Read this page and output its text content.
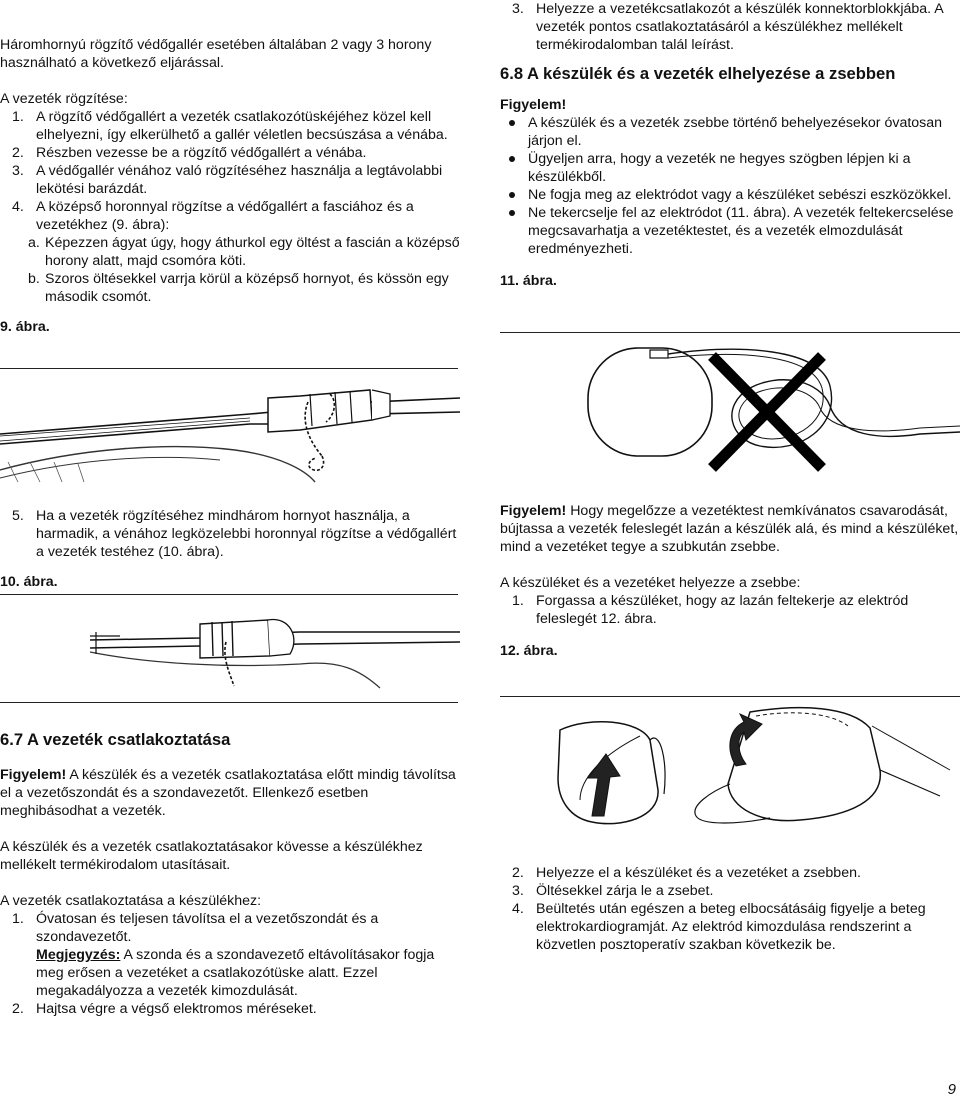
Háromhornyú rögzítő védőgallér esetében általában 2 vagy 3 horony használható a következő eljárással.

A vezeték rögzítése:

1. A rögzítő védőgallért a vezeték csatlakozótüskéjéhez közel kell elhelyezni, így elkerülhető a gallér véletlen becsúszása a vénába.
2. Részben vezesse be a rögzítő védőgallért a vénába.
3. A védőgallér vénához való rögzítéséhez használja a legtávolabbi lekötési barázdát.
4. A középső horonnyal rögzítse a védőgallért a fasciához és a vezetékhez (9. ábra):
a. Képezzen ágyat úgy, hogy áthurkol egy öltést a fascián a középső horony alatt, majd csomóra köti.
b. Szoros öltésekkel varrja körül a középső hornyot, és kössön egy második csomót.

9. ábra.

3. Helyezze a vezetékcsatlakozót a készülék konnektorblokkjába. A vezeték pontos csatlakoztatásáról a készülékhez mellékelt termékirodalomban talál leírást.

6.8 A készülék és a vezeték elhelyezése a zsebben

Figyelem!

A készülék és a vezeték zsebbe történő behelyezésekor óvatosan járjon el.
Ügyeljen arra, hogy a vezeték ne hegyes szögben lépjen ki a készülékből.
Ne fogja meg az elektródot vagy a készüléket sebészi eszközökkel.
Ne tekercselje fel az elektródot (11. ábra). A vezeték feltekercselése megcsavarhatja a vezetéktestet, és a vezeték elmozdulását eredményezheti.

11. ábra.

5. Ha a vezeték rögzítéséhez mindhárom hornyot használja, a harmadik, a vénához legközelebbi horonnyal rögzítse a védőgallért a vezeték testéhez (10. ábra).

10. ábra.

Figyelem! Hogy megelőzze a vezetéktest nemkívánatos csavarodását, bújtassa a vezeték feleslegét lazán a készülék alá, és mind a készüléket, mind a vezetéket tegye a szubkután zsebbe.

A készüléket és a vezetéket helyezze a zsebbe:

1. Forgassa a készüléket, hogy az lazán feltekerje az elektród feleslegét 12. ábra.

12. ábra.

6.7 A vezeték csatlakoztatása

Figyelem! A készülék és a vezeték csatlakoztatása előtt mindig távolítsa el a vezetőszondát és a szondavezetőt. Ellenkező esetben meghibásodhat a vezeték.

A készülék és a vezeték csatlakoztatásakor kövesse a készülékhez mellékelt termékirodalom utasításait.

A vezeték csatlakoztatása a készülékhez:

1. Óvatosan és teljesen távolítsa el a vezetőszondát és a szondavezetőt.
Megjegyzés: A szonda és a szondavezető eltávolításakor fogja meg erősen a vezetéket a csatlakozótüske alatt. Ezzel megakadályozza a vezeték kimozdulását.
2. Hajtsa végre a végső elektromos méréseket.
2. Helyezze el a készüléket és a vezetéket a zsebben.
3. Öltésekkel zárja le a zsebet.
4. Beültetés után egészen a beteg elbocsátásáig figyelje a beteg elektrokardiogramját. Az elektród kimozdulása rendszerint a közvetlen posztoperatív szakban következik be.
9
